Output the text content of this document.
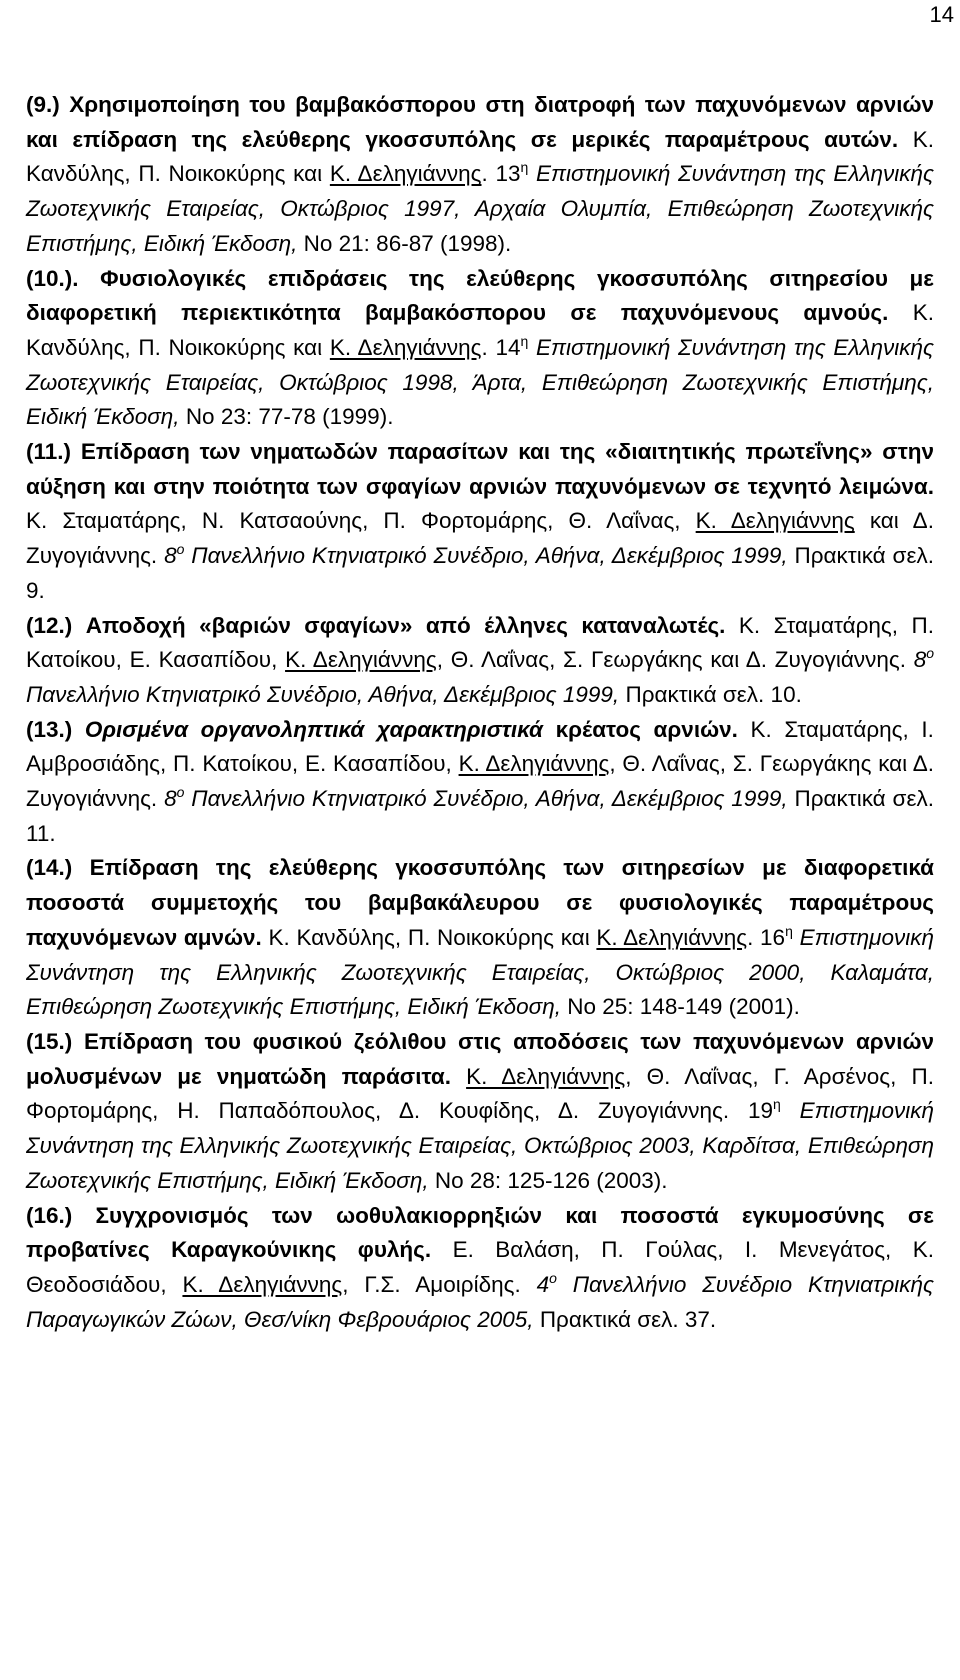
14

(9.) Χρησιμοποίηση του βαμβακόσπορου στη διατροφή των παχυνόμενων αρνιών και επίδραση της ελεύθερης γκοσσυπόλης σε μερικές παραμέτρους αυτών. Κ. Κανδύλης, Π. Νοικοκύρης και Κ. Δεληγιάννης. $13^\eta$ Επιστημονική Συνάντηση της Ελληνικής Ζωοτεχνικής Εταιρείας, Οκτώβριος 1997, Αρχαία Ολυμπία, Επιθεώρηση Ζωοτεχνικής Επιστήμης, Ειδική Έκδοση, No 21: 86-87 (1998).

(10.). Φυσιολογικές επιδράσεις της ελεύθερης γκοσσυπόλης σιτηρεσίου με διαφορετική περιεκτικότητα βαμβακόσπορου σε παχυνόμενους αμνούς. Κ. Κανδύλης, Π. Νοικοκύρης και Κ. Δεληγιάννης. $14^\eta$ Επιστημονική Συνάντηση της Ελληνικής Ζωοτεχνικής Εταιρείας, Οκτώβριος 1998, Άρτα, Επιθεώρηση Ζωοτεχνικής Επιστήμης, Ειδική Έκδοση, No 23: 77-78 (1999).

(11.) Επίδραση των νηματωδών παρασίτων και της «διαιτητικής πρωτεΐνης» στην αύξηση και στην ποιότητα των σφαγίων αρνιών παχυνόμενων σε τεχνητό λειμώνα. Κ. Σταματάρης, Ν. Κατσαούνης, Π. Φορτομάρης, Θ. Λαΐνας, Κ. Δεληγιάννης και Δ. Ζυγογιάννης. $8^o$ Πανελλήνιο Κτηνιατρικό Συνέδριο, Αθήνα, Δεκέμβριος 1999, Πρακτικά σελ. 9.

(12.) Αποδοχή «βαριών σφαγίων» από έλληνες καταναλωτές. Κ. Σταματάρης, Π. Κατοίκου, Ε. Κασαπίδου, Κ. Δεληγιάννης, Θ. Λαΐνας, Σ. Γεωργάκης και Δ. Ζυγογιάννης. $8^o$ Πανελλήνιο Κτηνιατρικό Συνέδριο, Αθήνα, Δεκέμβριος 1999, Πρακτικά σελ. 10.

(13.) Ορισμένα οργανοληπτικά χαρακτηριστικά κρέατος αρνιών. Κ. Σταματάρης, Ι. Αμβροσιάδης, Π. Κατοίκου, Ε. Κασαπίδου, Κ. Δεληγιάννης, Θ. Λαΐνας, Σ. Γεωργάκης και Δ. Ζυγογιάννης. $8^o$ Πανελλήνιο Κτηνιατρικό Συνέδριο, Αθήνα, Δεκέμβριος 1999, Πρακτικά σελ. 11.

(14.) Επίδραση της ελεύθερης γκοσσυπόλης των σιτηρεσίων με διαφορετικά ποσοστά συμμετοχής του βαμβακάλευρου σε φυσιολογικές παραμέτρους παχυνόμενων αμνών. Κ. Κανδύλης, Π. Νοικοκύρης και Κ. Δεληγιάννης. $16^\eta$ Επιστημονική Συνάντηση της Ελληνικής Ζωοτεχνικής Εταιρείας, Οκτώβριος 2000, Καλαμάτα, Επιθεώρηση Ζωοτεχνικής Επιστήμης, Ειδική Έκδοση, No 25: 148-149 (2001).

(15.) Επίδραση του φυσικού ζεόλιθου στις αποδόσεις των παχυνόμενων αρνιών μολυσμένων με νηματώδη παράσιτα. Κ. Δεληγιάννης, Θ. Λαΐνας, Γ. Αρσένος, Π. Φορτομάρης, Η. Παπαδόπουλος, Δ. Κουφίδης, Δ. Ζυγογιάννης. $19^\eta$ Επιστημονική Συνάντηση της Ελληνικής Ζωοτεχνικής Εταιρείας, Οκτώβριος 2003, Καρδίτσα, Επιθεώρηση Ζωοτεχνικής Επιστήμης, Ειδική Έκδοση, No 28: 125-126 (2003).

(16.) Συγχρονισμός των ωοθυλακιορρηξιών και ποσοστά εγκυμοσύνης σε προβατίνες Καραγκούνικης φυλής. Ε. Βαλάση, Π. Γούλας, Ι. Μενεγάτος, Κ. Θεοδοσιάδου, Κ. Δεληγιάννης, Γ.Σ. Αμοιρίδης. $4^o$ Πανελλήνιο Συνέδριο Κτηνιατρικής Παραγωγικών Ζώων, Θεσ/νίκη Φεβρουάριος 2005, Πρακτικά σελ. 37.
